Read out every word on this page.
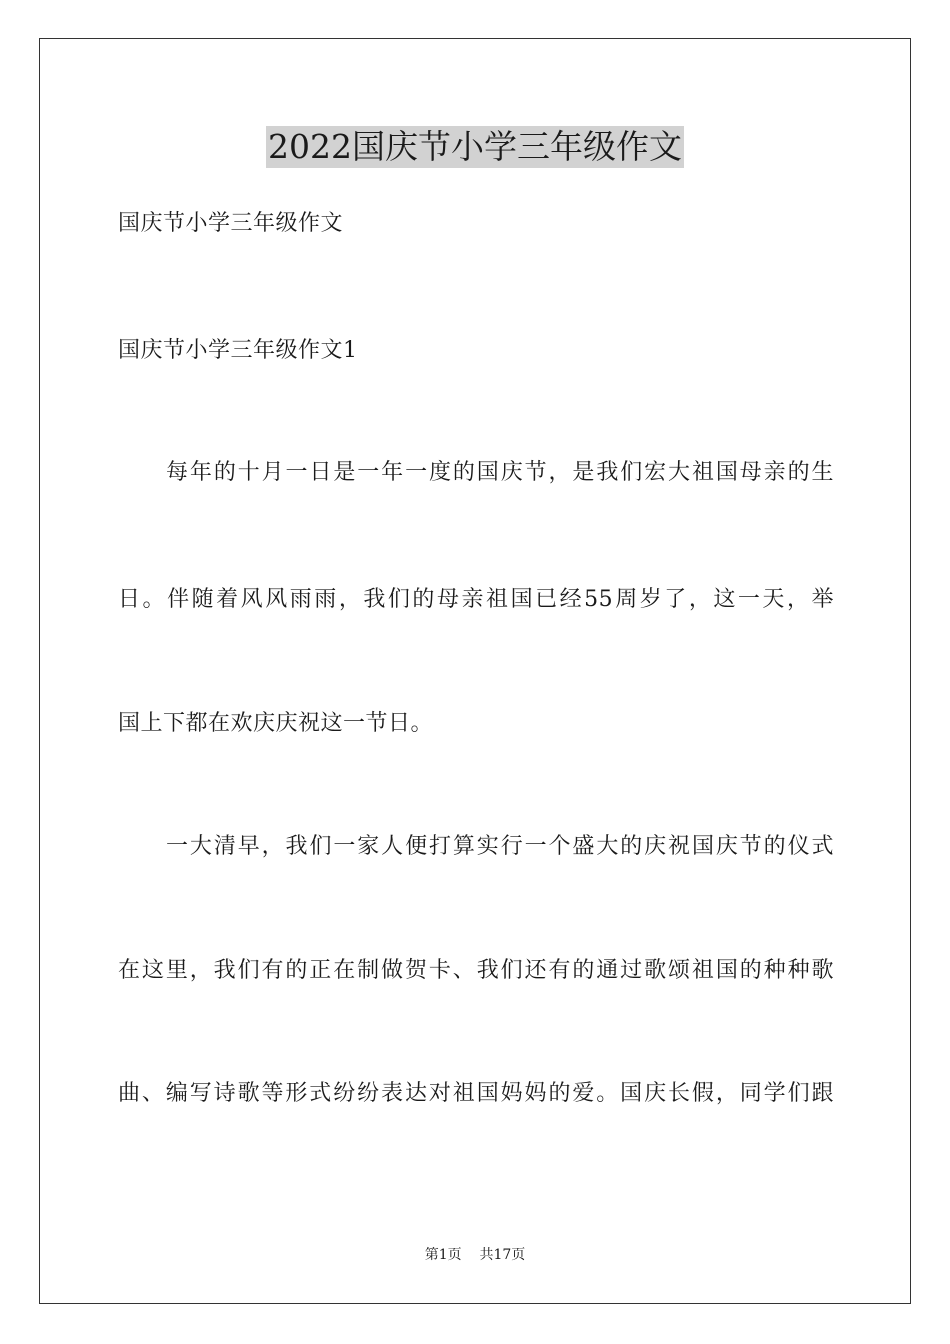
2022国庆节小学三年级作文
国庆节小学三年级作文
国庆节小学三年级作文1
每年的十月一日是一年一度的国庆节，是我们宏大祖国母亲的生
日。伴随着风风雨雨，我们的母亲祖国已经55周岁了，这一天，举
国上下都在欢庆庆祝这一节日。
一大清早，我们一家人便打算实行一个盛大的庆祝国庆节的仪式
在这里，我们有的正在制做贺卡、我们还有的通过歌颂祖国的种种歌
曲、编写诗歌等形式纷纷表达对祖国妈妈的爱。国庆长假，同学们跟
第1页 共17页
